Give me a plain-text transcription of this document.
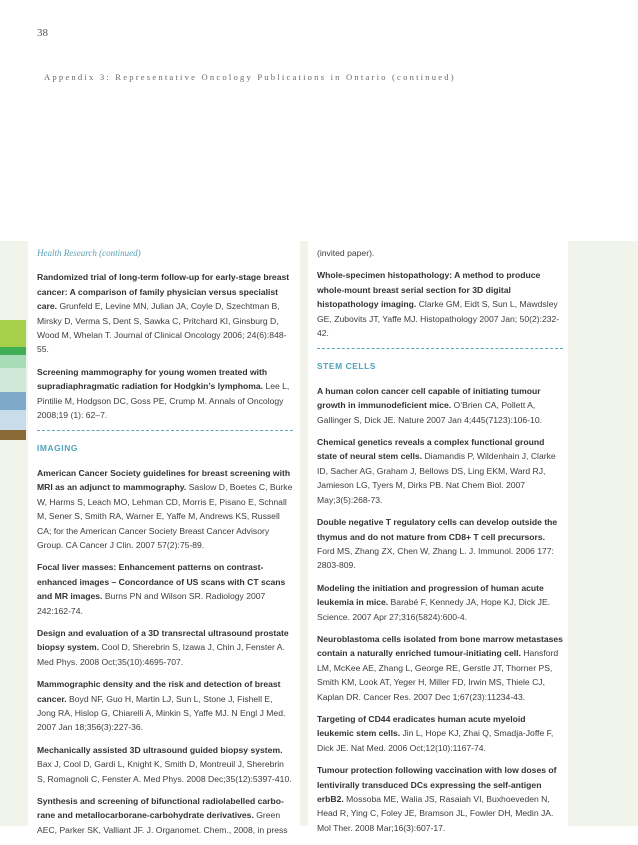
38
Appendix 3: Representative Oncology Publications in Ontario (continued)
Health Research (continued)
Randomized trial of long-term follow-up for early-stage breast cancer: A comparison of family physician versus specialist care. Grunfeld E, Levine MN, Julian JA, Coyle D, Szechtman B, Mirsky D, Verma S, Dent S, Sawka C, Pritchard KI, Ginsburg D, Wood M, Whelan T. Journal of Clinical Oncology 2006; 24(6):848-55.
Screening mammography for young women treated with supradiaphragmatic radiation for Hodgkin’s lymphoma. Lee L, Pintilie M, Hodgson DC, Goss PE, Crump M. Annals of Oncology 2008;19 (1): 62–7.
IMAGING
American Cancer Society guidelines for breast screening with MRI as an adjunct to mammography. Saslow D, Boetes C, Burke W, Harms S, Leach MO, Lehman CD, Morris E, Pisano E, Schnall M, Sener S, Smith RA, Warner E, Yaffe M, Andrews KS, Russell CA; for the American Cancer Society Breast Cancer Advisory Group. CA Cancer J Clin. 2007 57(2):75-89.
Focal liver masses: Enhancement patterns on contrast-enhanced images – Concordance of US scans with CT scans and MR images. Burns PN and Wilson SR. Radiology 2007 242:162-74.
Design and evaluation of a 3D transrectal ultrasound prostate biopsy system. Cool D, Sherebrin S, Izawa J, Chin J, Fenster A. Med Phys. 2008 Oct;35(10):4695-707.
Mammographic density and the risk and detection of breast cancer. Boyd NF, Guo H, Martin LJ, Sun L, Stone J, Fishell E, Jong RA, Hislop G, Chiarelli A, Minkin S, Yaffe MJ. N Engl J Med. 2007 Jan 18;356(3):227-36.
Mechanically assisted 3D ultrasound guided biopsy system. Bax J, Cool D, Gardi L, Knight K, Smith D, Montreuil J, Sherebrin S, Romagnoli C, Fenster A. Med Phys. 2008 Dec;35(12):5397-410.
Synthesis and screening of bifunctional radiolabelled carbo-rane and metallocarborane-carbohydrate derivatives. Green AEC, Parker SK, Valliant JF. J. Organomet. Chem., 2008, in press
(invited paper).
Whole-specimen histopathology: A method to produce whole-mount breast serial section for 3D digital histopathology imaging. Clarke GM, Eidt S, Sun L, Mawdsley GE, Zubovits JT, Yaffe MJ. Histopathology 2007 Jan; 50(2):232-42.
STEM CELLS
A human colon cancer cell capable of initiating tumour growth in immunodeficient mice. O’Brien CA, Pollett A, Gallinger S, Dick JE. Nature 2007 Jan 4;445(7123):106-10.
Chemical genetics reveals a complex functional ground state of neural stem cells. Diamandis P, Wildenhain J, Clarke ID, Sacher AG, Graham J, Bellows DS, Ling EKM, Ward RJ, Jamieson LG, Tyers M, Dirks PB. Nat Chem Biol. 2007 May;3(5):268-73.
Double negative T regulatory cells can develop outside the thymus and do not mature from CD8+ T cell precursors. Ford MS, Zhang ZX, Chen W, Zhang L. J. Immunol. 2006 177: 2803-809.
Modeling the initiation and progression of human acute leukemia in mice. Barabé F, Kennedy JA, Hope KJ, Dick JE. Science. 2007 Apr 27;316(5824):600-4.
Neuroblastoma cells isolated from bone marrow metastases contain a naturally enriched tumour-initiating cell. Hansford LM, McKee AE, Zhang L, George RE, Gerstle JT, Thorner PS, Smith KM, Look AT, Yeger H, Miller FD, Irwin MS, Thiele CJ, Kaplan DR. Cancer Res. 2007 Dec 1;67(23):11234-43.
Targeting of CD44 eradicates human acute myeloid leukemic stem cells. Jin L, Hope KJ, Zhai Q, Smadja-Joffe F, Dick JE. Nat Med. 2006 Oct;12(10):1167-74.
Tumour protection following vaccination with low doses of lentivirally transduced DCs expressing the self-antigen erbB2. Mossoba ME, Walia JS, Rasaiah VI, Buxhoeveden N, Head R, Ying C, Foley JE, Bramson JL, Fowler DH, Medin JA. Mol Ther. 2008 Mar;16(3):607-17.
